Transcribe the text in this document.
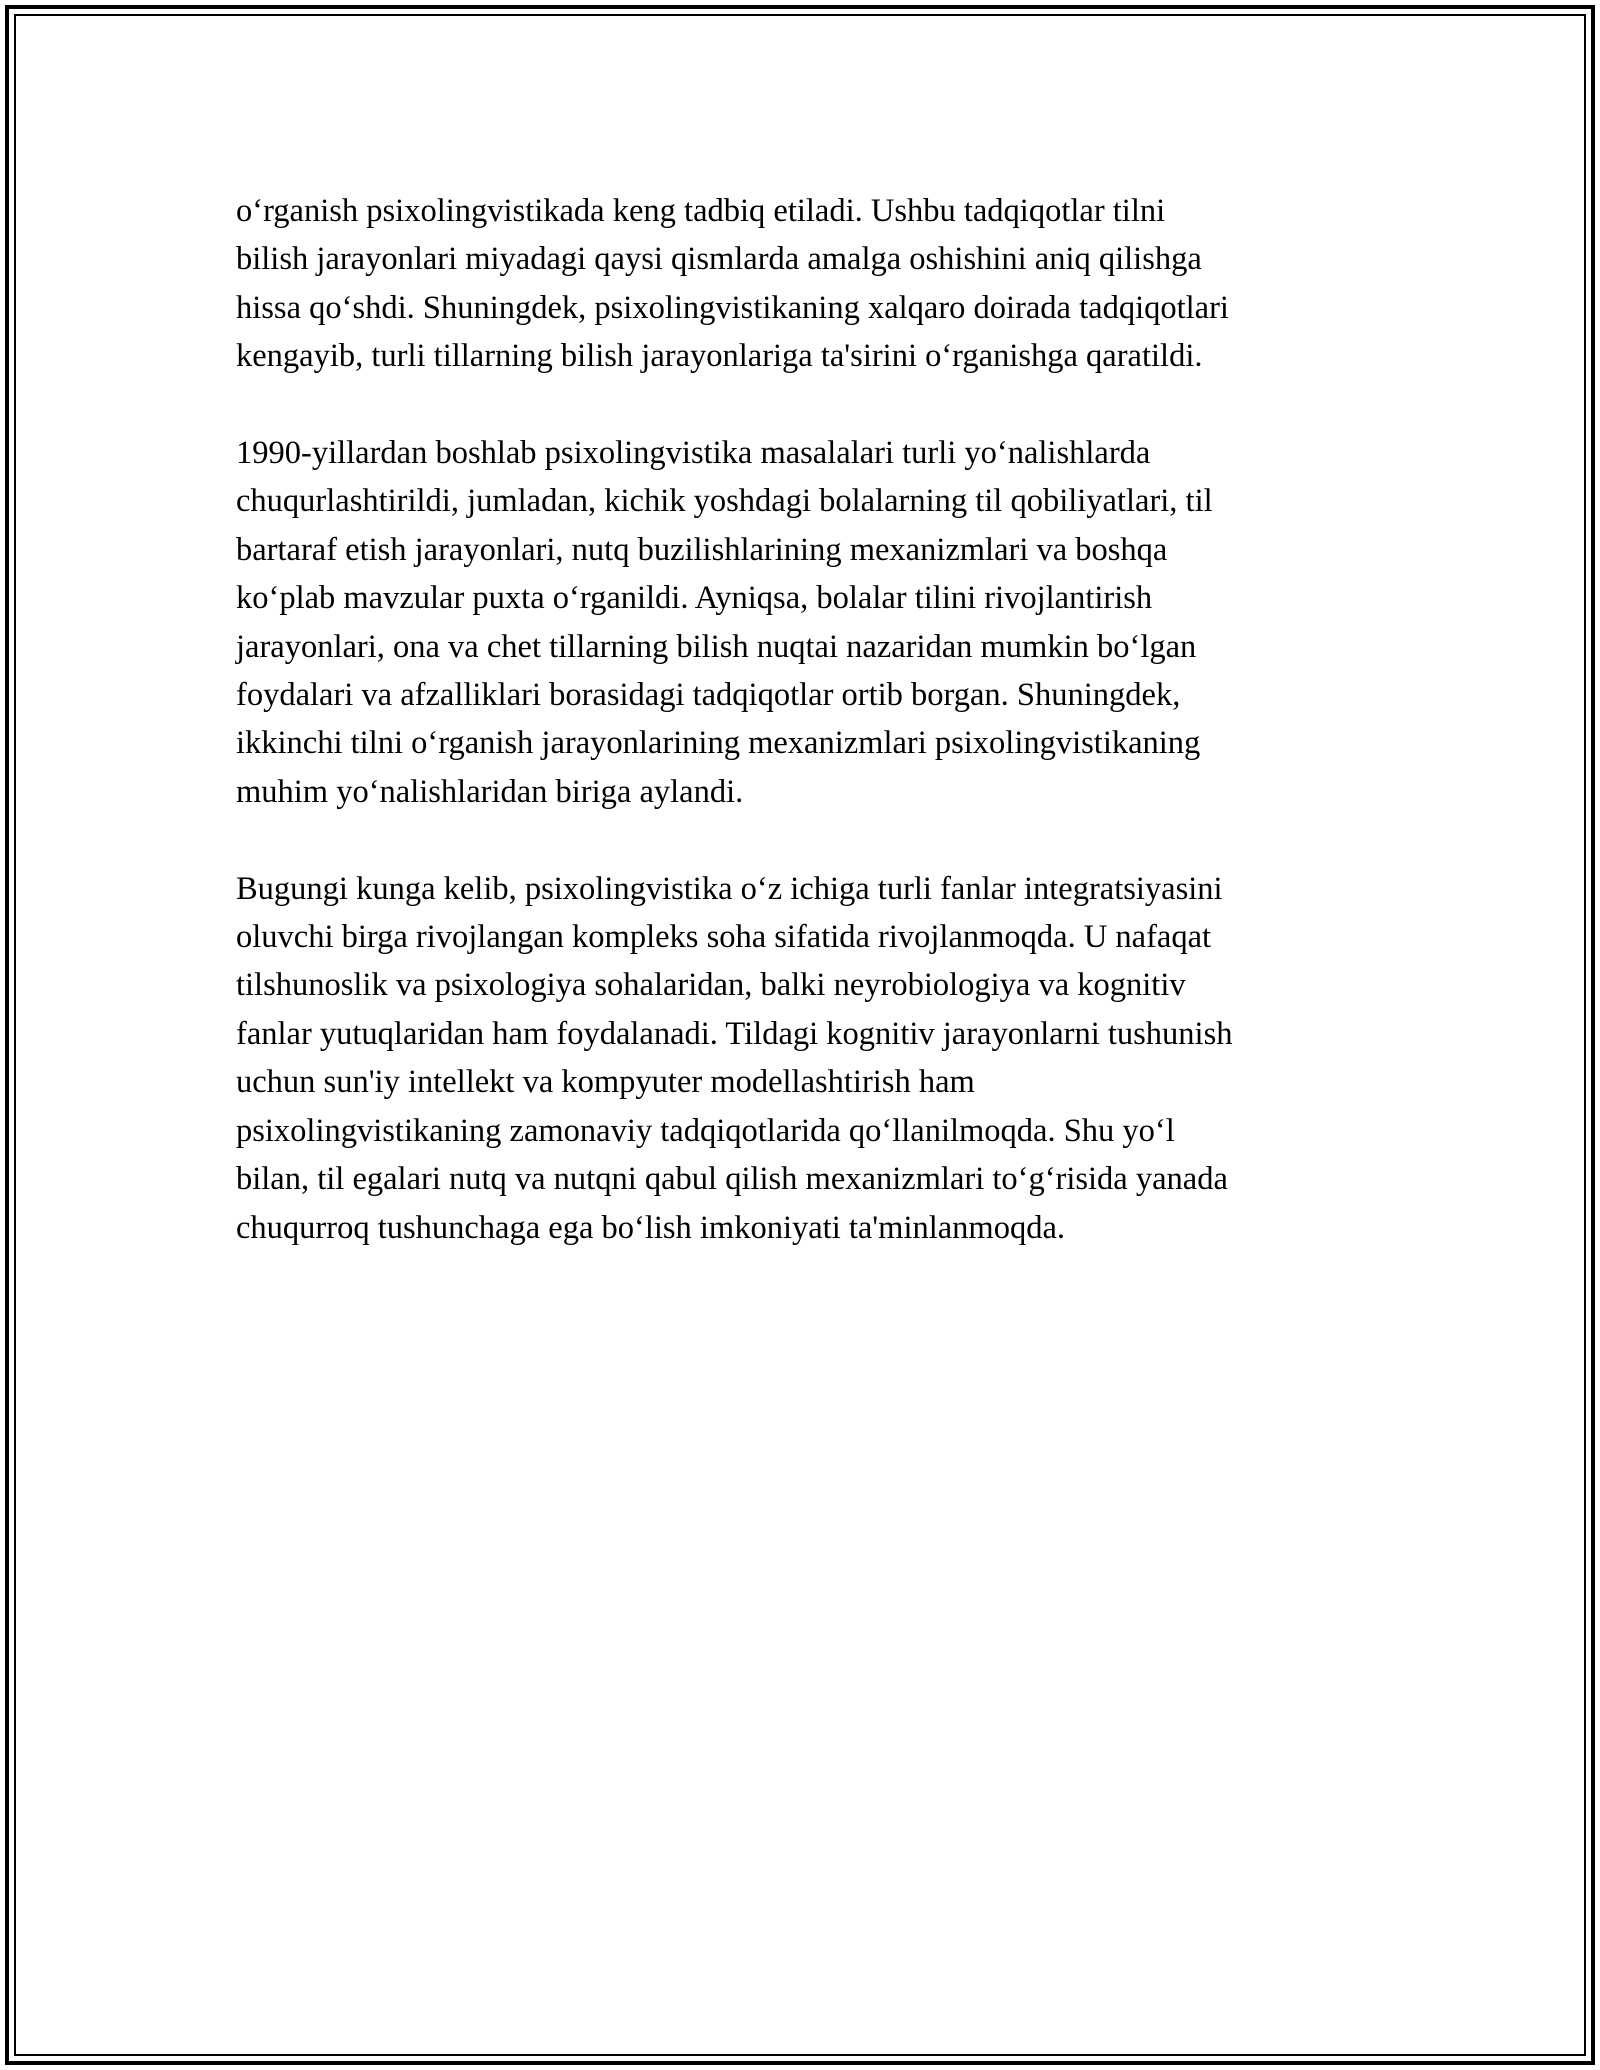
o‘rganish psixolingvistikada keng tadbiq etiladi. Ushbu tadqiqotlar tilni
bilish jarayonlari miyadagi qaysi qismlarda amalga oshishini aniq qilishga
hissa qo‘shdi. Shuningdek, psixolingvistikaning xalqaro doirada tadqiqotlari
kengayib, turli tillarning bilish jarayonlariga ta'sirini o‘rganishga qaratildi.

1990-yillardan boshlab psixolingvistika masalalari turli yo‘nalishlarda
chuqurlashtirildi, jumladan, kichik yoshdagi bolalarning til qobiliyatlari, til
bartaraf etish jarayonlari, nutq buzilishlarining mexanizmlari va boshqa
ko‘plab mavzular puxta o‘rganildi. Ayniqsa, bolalar tilini rivojlantirish
jarayonlari, ona va chet tillarning bilish nuqtai nazaridan mumkin bo‘lgan
foydalari va afzalliklari borasidagi tadqiqotlar ortib borgan. Shuningdek,
ikkinchi tilni o‘rganish jarayonlarining mexanizmlari psixolingvistikaning
muhim yo‘nalishlaridan biriga aylandi.

Bugungi kunga kelib, psixolingvistika o‘z ichiga turli fanlar integratsiyasini
oluvchi birga rivojlangan kompleks soha sifatida rivojlanmoqda. U nafaqat
tilshunoslik va psixologiya sohalaridan, balki neyrobiologiya va kognitiv
fanlar yutuqlaridan ham foydalanadi. Tildagi kognitiv jarayonlarni tushunish
uchun sun'iy intellekt va kompyuter modellashtirish ham
psixolingvistikaning zamonaviy tadqiqotlarida qo‘llanilmoqda. Shu yo‘l
bilan, til egalari nutq va nutqni qabul qilish mexanizmlari to‘g‘risida yanada
chuqurroq tushunchaga ega bo‘lish imkoniyati ta'minlanmoqda.
